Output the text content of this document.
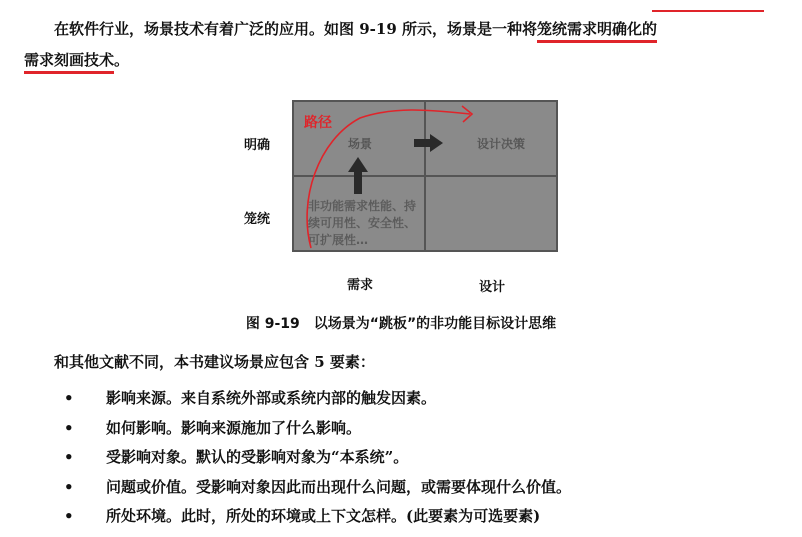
在软件行业，场景技术有着广泛的应用。如图 9-19 所示，场景是一种将笼统需求明确化的
需求刻画技术。

明确
笼统
场景	设计决策
非功能需求性能、持续可用性、安全性、可扩展性…
路径
需求	设计
图 9-19　以场景为“跳板”的非功能目标设计思维

和其他文献不同，本书建议场景应包含 5 要素：

• 影响来源。来自系统外部或系统内部的触发因素。
• 如何影响。影响来源施加了什么影响。
• 受影响对象。默认的受影响对象为“本系统”。
• 问题或价值。受影响对象因此而出现什么问题，或需要体现什么价值。
• 所处环境。此时，所处的环境或上下文怎样。(此要素为可选要素)
